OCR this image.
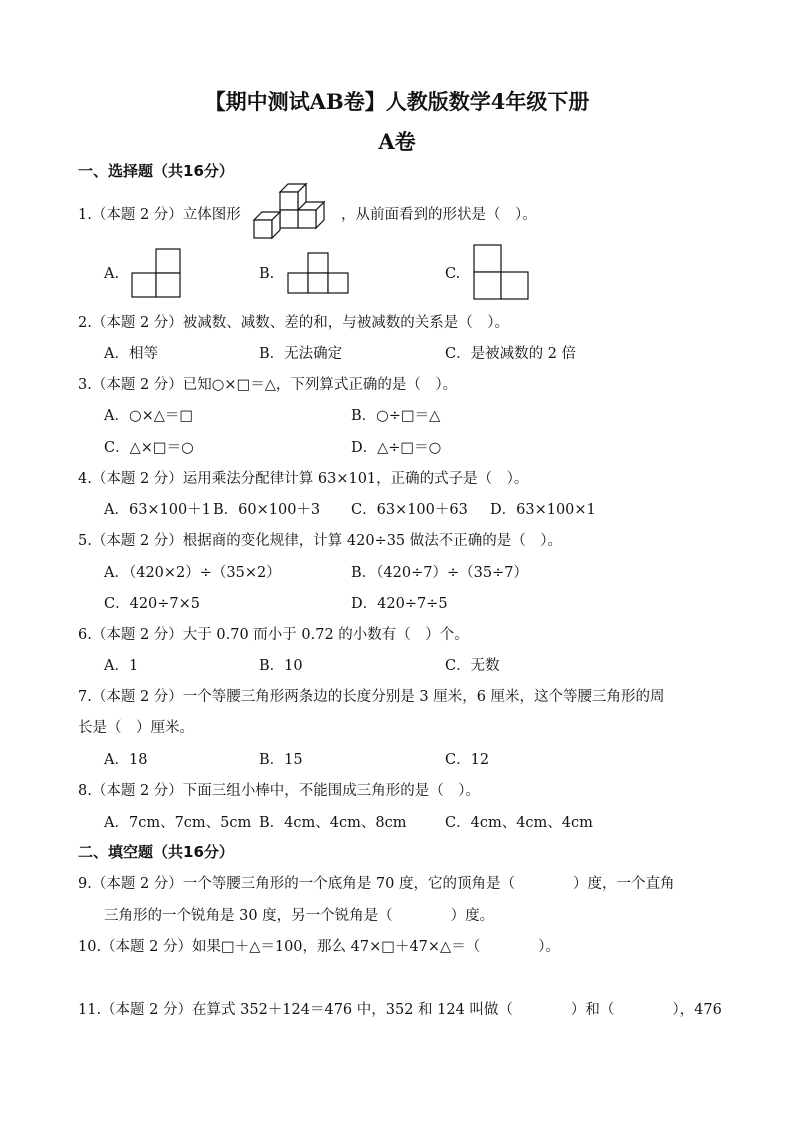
【期中测试AB卷】人教版数学4年级下册
A卷
一、选择题（共16分）
1.（本题 2 分）立体图形	，从前面看到的形状是（　）。
A.	B.	C.
2.（本题 2 分）被减数、减数、差的和，与被减数的关系是（　）。
A．相等	B．无法确定	C．是被减数的 2 倍
3.（本题 2 分）已知○×□＝△，下列算式正确的是（　）。
A．○×△＝□	B．○÷□＝△
C．△×□＝○	D．△÷□＝○
4.（本题 2 分）运用乘法分配律计算 63×101，正确的式子是（　）。
A．63×100＋1 B．60×100＋3 C．63×100＋63 D．63×100×1
5.（本题 2 分）根据商的变化规律，计算 420÷35 做法不正确的是（　）。
A．（420×2）÷（35×2）	B．（420÷7）÷（35÷7）
C．420÷7×5	D．420÷7÷5
6.（本题 2 分）大于 0.70 而小于 0.72 的小数有（　）个。
A．1	B．10	C．无数
7.（本题 2 分）一个等腰三角形两条边的长度分别是 3 厘米，6 厘米，这个等腰三角形的周
长是（　）厘米。
A．18	B．15	C．12
8.（本题 2 分）下面三组小棒中，不能围成三角形的是（　）。
A．7cm、7cm、5cm B．4cm、4cm、8cm	C．4cm、4cm、4cm
二、填空题（共16分）
9.（本题 2 分）一个等腰三角形的一个底角是 70 度，它的顶角是（　　　　）度，一个直角
三角形的一个锐角是 30 度，另一个锐角是（　　　　）度。
10.（本题 2 分）如果□＋△＝100，那么 47×□＋47×△＝（　　　　）。
11.（本题 2 分）在算式 352＋124＝476 中，352 和 124 叫做（　　　　）和（　　　　），476
